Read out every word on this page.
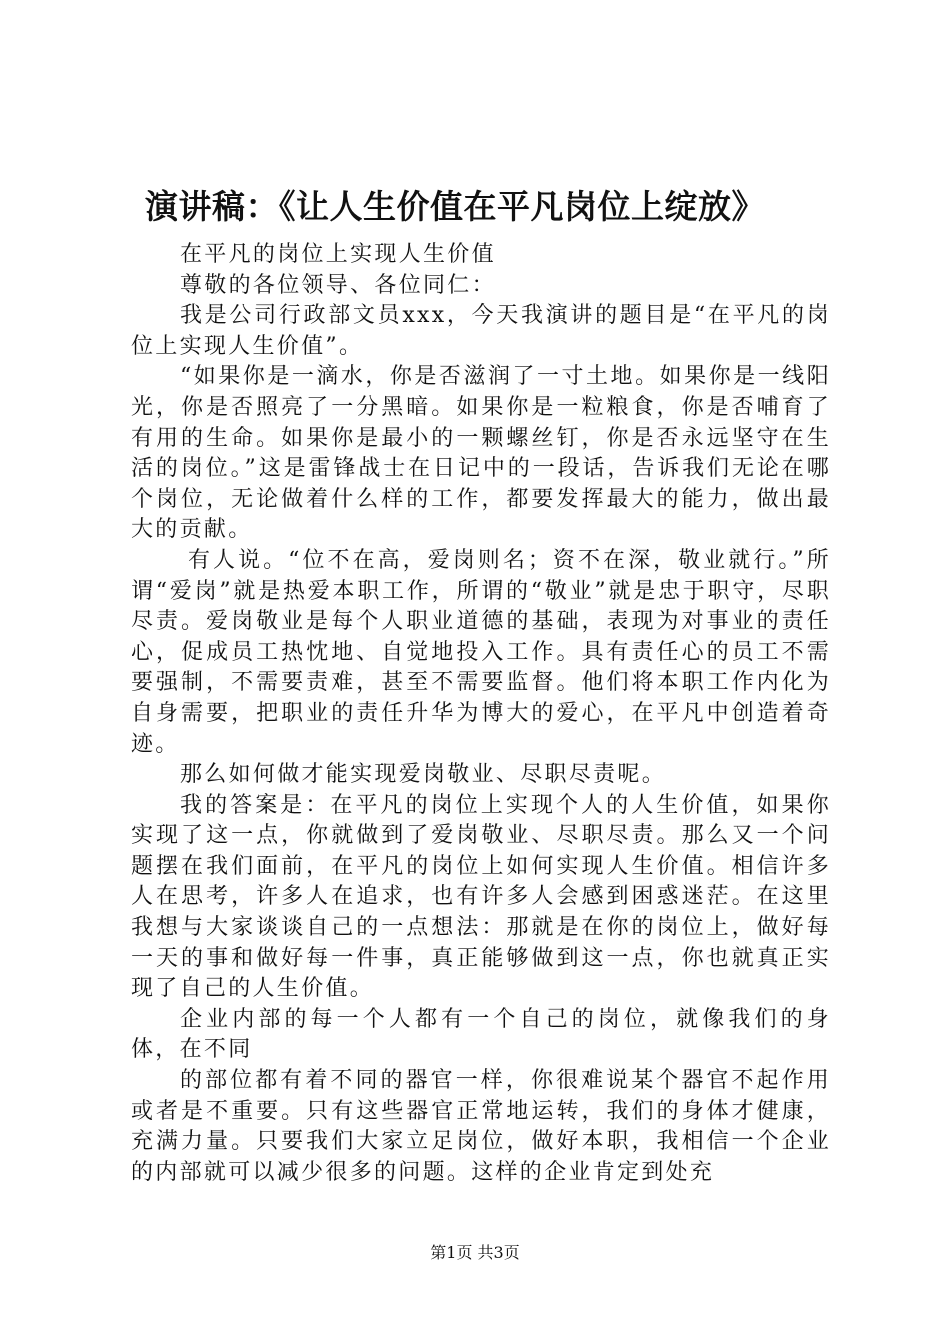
演讲稿：《让人生价值在平凡岗位上绽放》

在平凡的岗位上实现人生价值

尊敬的各位领导、各位同仁：

我是公司行政部文员xxx，今天我演讲的题目是“在平凡的岗位上实现人生价值”。

“如果你是一滴水，你是否滋润了一寸土地。如果你是一线阳光，你是否照亮了一分黑暗。如果你是一粒粮食，你是否哺育了有用的生命。如果你是最小的一颗螺丝钉，你是否永远坚守在生活的岗位。”这是雷锋战士在日记中的一段话，告诉我们无论在哪个岗位，无论做着什么样的工作，都要发挥最大的能力，做出最大的贡献。

有人说。“位不在高，爱岗则名；资不在深，敬业就行。”所谓“爱岗”就是热爱本职工作，所谓的“敬业”就是忠于职守，尽职尽责。爱岗敬业是每个人职业道德的基础，表现为对事业的责任心，促成员工热忱地、自觉地投入工作。具有责任心的员工不需要强制，不需要责难，甚至不需要监督。他们将本职工作内化为自身需要，把职业的责任升华为博大的爱心，在平凡中创造着奇迹。

那么如何做才能实现爱岗敬业、尽职尽责呢。

我的答案是：在平凡的岗位上实现个人的人生价值，如果你实现了这一点，你就做到了爱岗敬业、尽职尽责。那么又一个问题摆在我们面前，在平凡的岗位上如何实现人生价值。相信许多人在思考，许多人在追求，也有许多人会感到困惑迷茫。在这里我想与大家谈谈自己的一点想法：那就是在你的岗位上，做好每一天的事和做好每一件事，真正能够做到这一点，你也就真正实现了自己的人生价值。

企业内部的每一个人都有一个自己的岗位，就像我们的身体，在不同

的部位都有着不同的器官一样，你很难说某个器官不起作用或者是不重要。只有这些器官正常地运转，我们的身体才健康，充满力量。只要我们大家立足岗位，做好本职，我相信一个企业的内部就可以减少很多的问题。这样的企业肯定到处充

第1页 共3页
